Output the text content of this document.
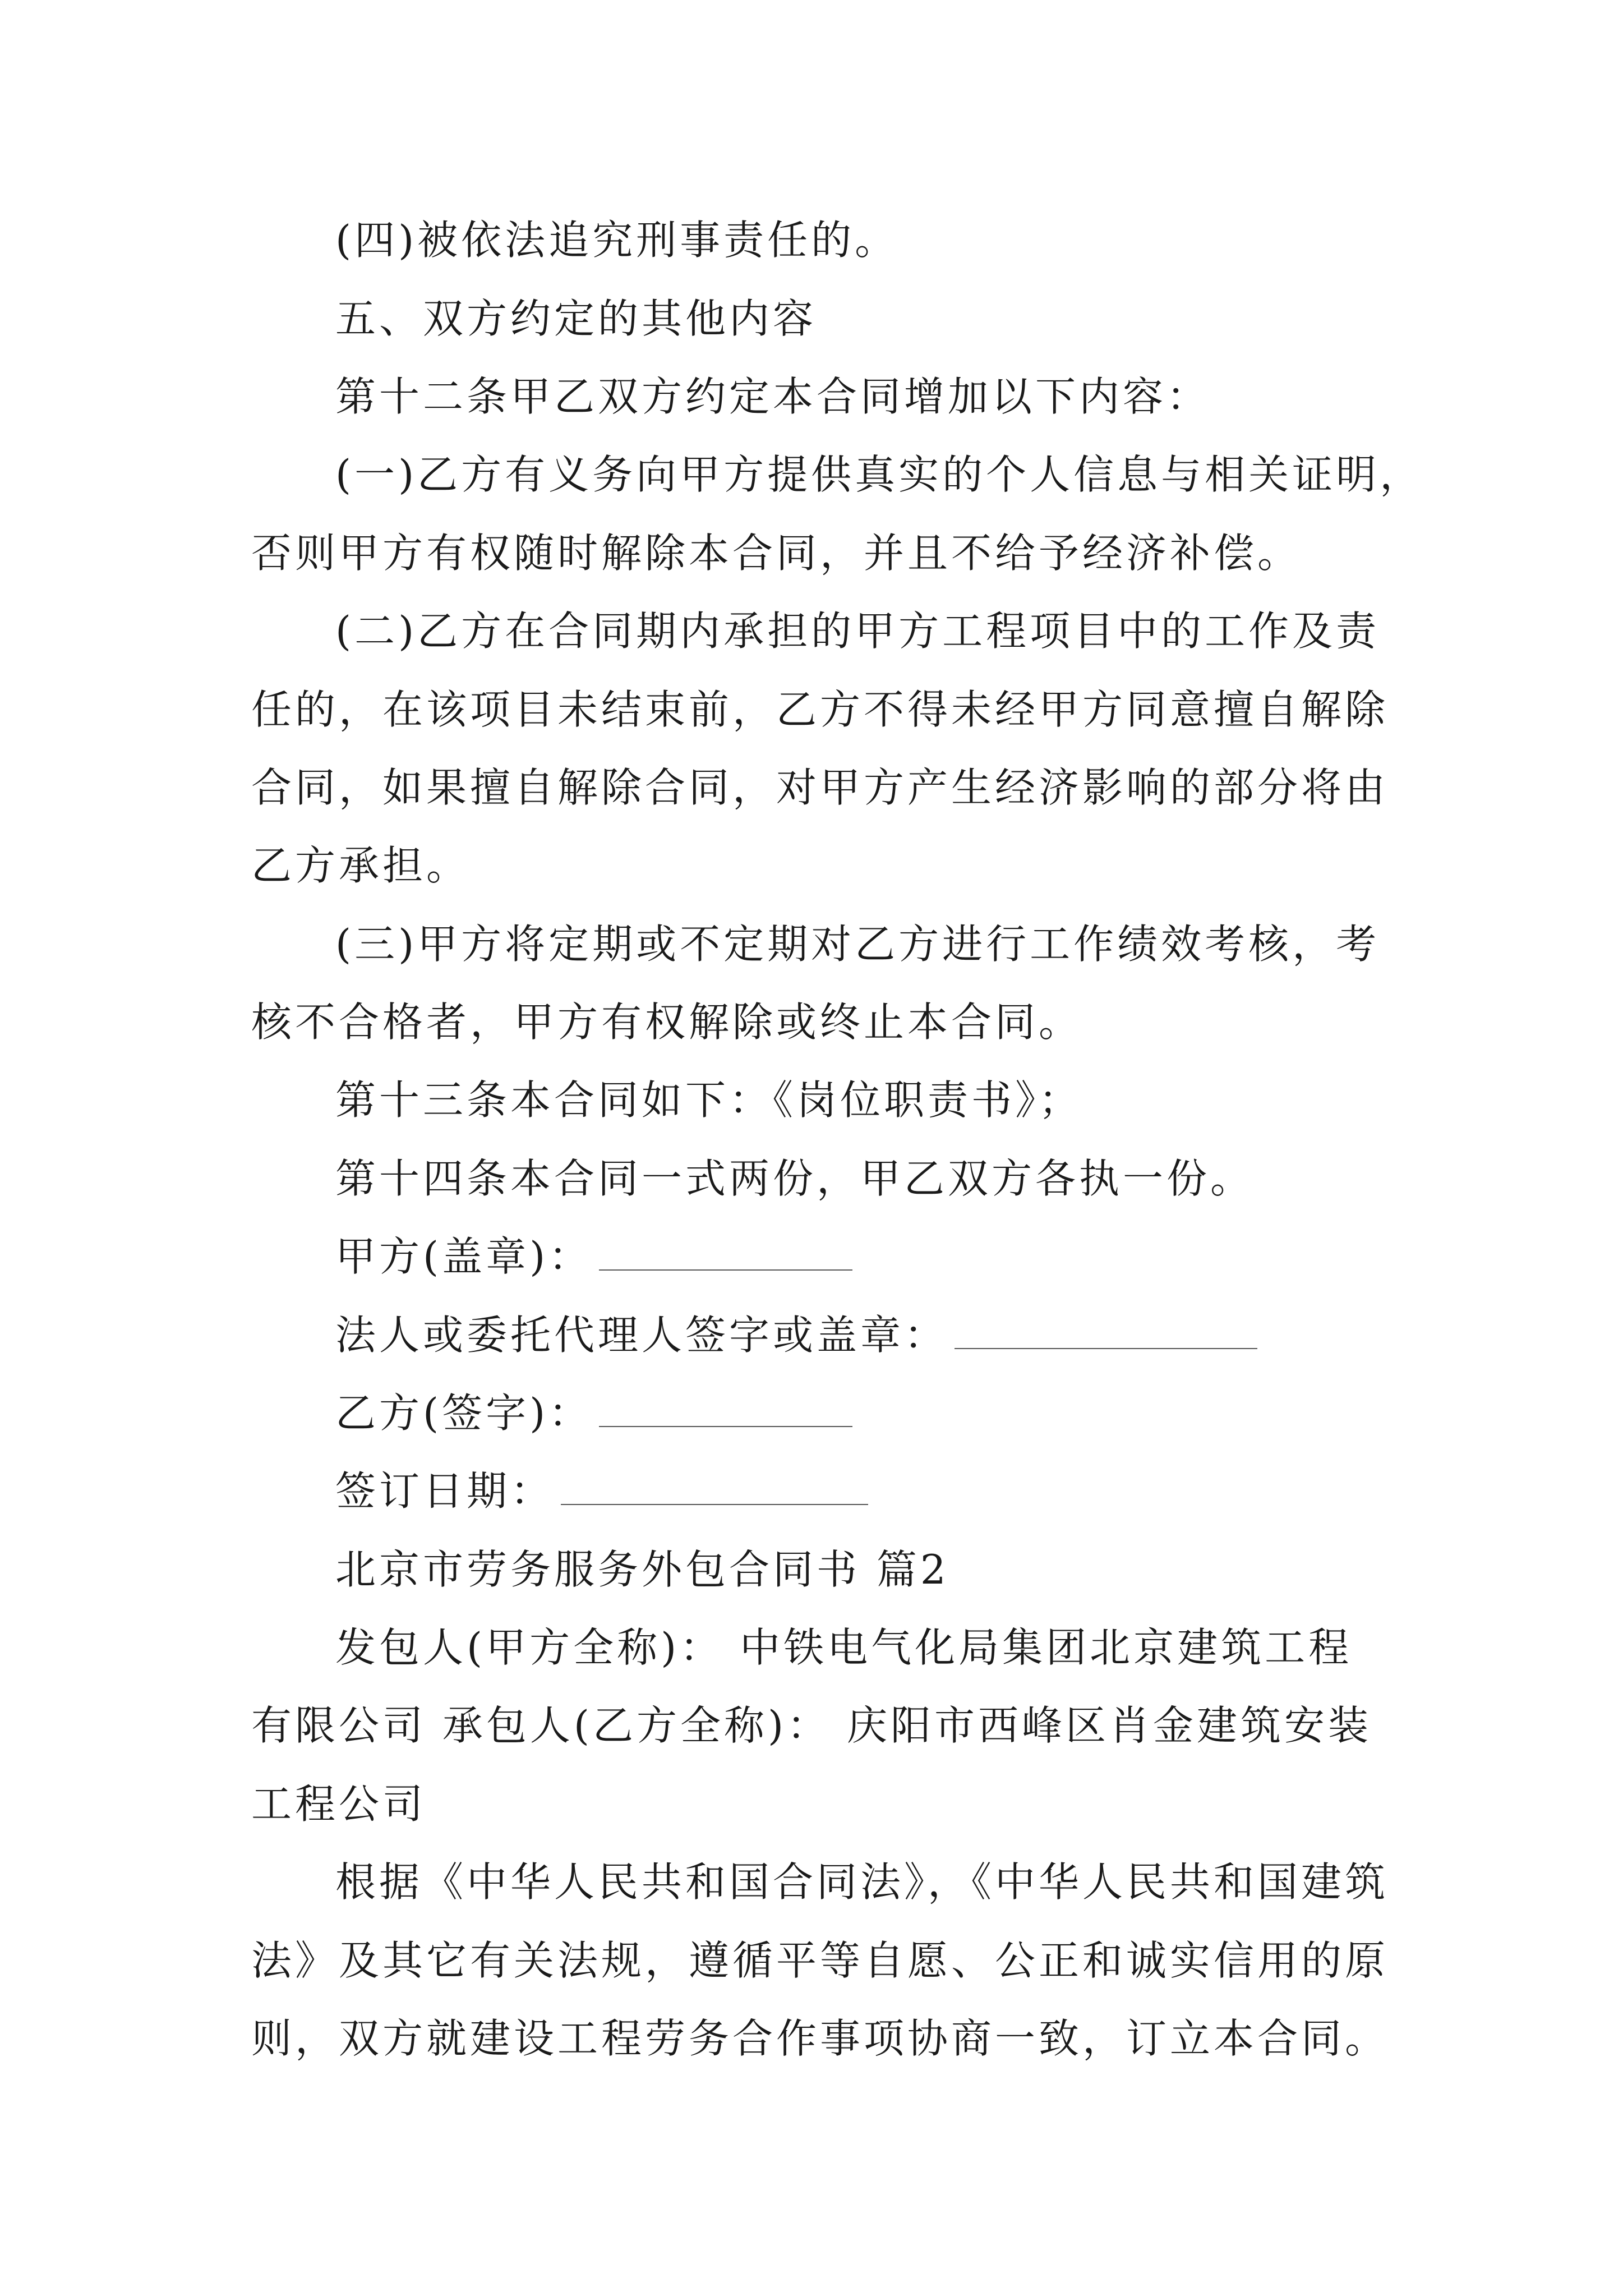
(四)被依法追究刑事责任的。
五、双方约定的其他内容
第十二条甲乙双方约定本合同增加以下内容：
(一)乙方有义务向甲方提供真实的个人信息与相关证明，
否则甲方有权随时解除本合同，并且不给予经济补偿。
(二)乙方在合同期内承担的甲方工程项目中的工作及责
任的，在该项目未结束前，乙方不得未经甲方同意擅自解除
合同，如果擅自解除合同，对甲方产生经济影响的部分将由
乙方承担。
(三)甲方将定期或不定期对乙方进行工作绩效考核，考
核不合格者，甲方有权解除或终止本合同。
第十三条本合同如下：《岗位职责书》；
第十四条本合同一式两份，甲乙双方各执一份。
甲方(盖章)：
法人或委托代理人签字或盖章：
乙方(签字)：
签订日期：
北京市劳务服务外包合同书 篇2
发包人(甲方全称)： 中铁电气化局集团北京建筑工程
有限公司 承包人(乙方全称)： 庆阳市西峰区肖金建筑安装
工程公司
根据《中华人民共和国合同法》，《中华人民共和国建筑
法》及其它有关法规，遵循平等自愿、公正和诚实信用的原
则，双方就建设工程劳务合作事项协商一致，订立本合同。
